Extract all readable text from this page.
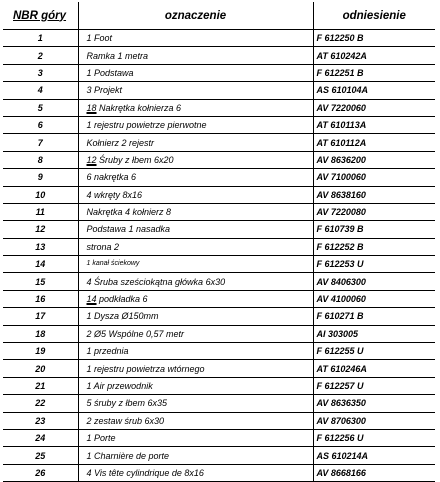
NBR góry	oznaczenie	odniesienie
1	1 Foot	F 612250 B
2	Ramka 1 metra	AT 610242A
3	1 Podstawa	F 612251 B
4	3 Projekt	AS 610104A
5	18 Nakrętka kołnierza 6	AV 7220060
6	1 rejestru powietrze pierwotne	AT 610113A
7	Kołnierz 2 rejestr	AT 610112A
8	12 Śruby z łbem 6x20	AV 8636200
9	6 nakrętka 6	AV 7100060
10	4 wkręty 8x16	AV 8638160
11	Nakrętka 4 kołnierz 8	AV 7220080
12	Podstawa 1 nasadka	F 610739 B
13	strona 2	F 612252 B
14	1 kanał ściekowy	F 612253 U
15	4 Śruba sześciokątna główka 6x30	AV 8406300
16	14 podkładka 6	AV 4100060
17	1 Dysza Ø150mm	F 610271 B
18	2 Ø5 Wspólne 0,57 metr	AI 303005
19	1 przednia	F 612255 U
20	1 rejestru powietrza wtórnego	AT 610246A
21	1 Air przewodnik	F 612257 U
22	5 śruby z łbem 6x35	AV 8636350
23	2 zestaw śrub 6x30	AV 8706300
24	1 Porte	F 612256 U
25	1 Charnière de porte	AS 610214A
26	4 Vis tête cylindrique de 8x16	AV 8668166
